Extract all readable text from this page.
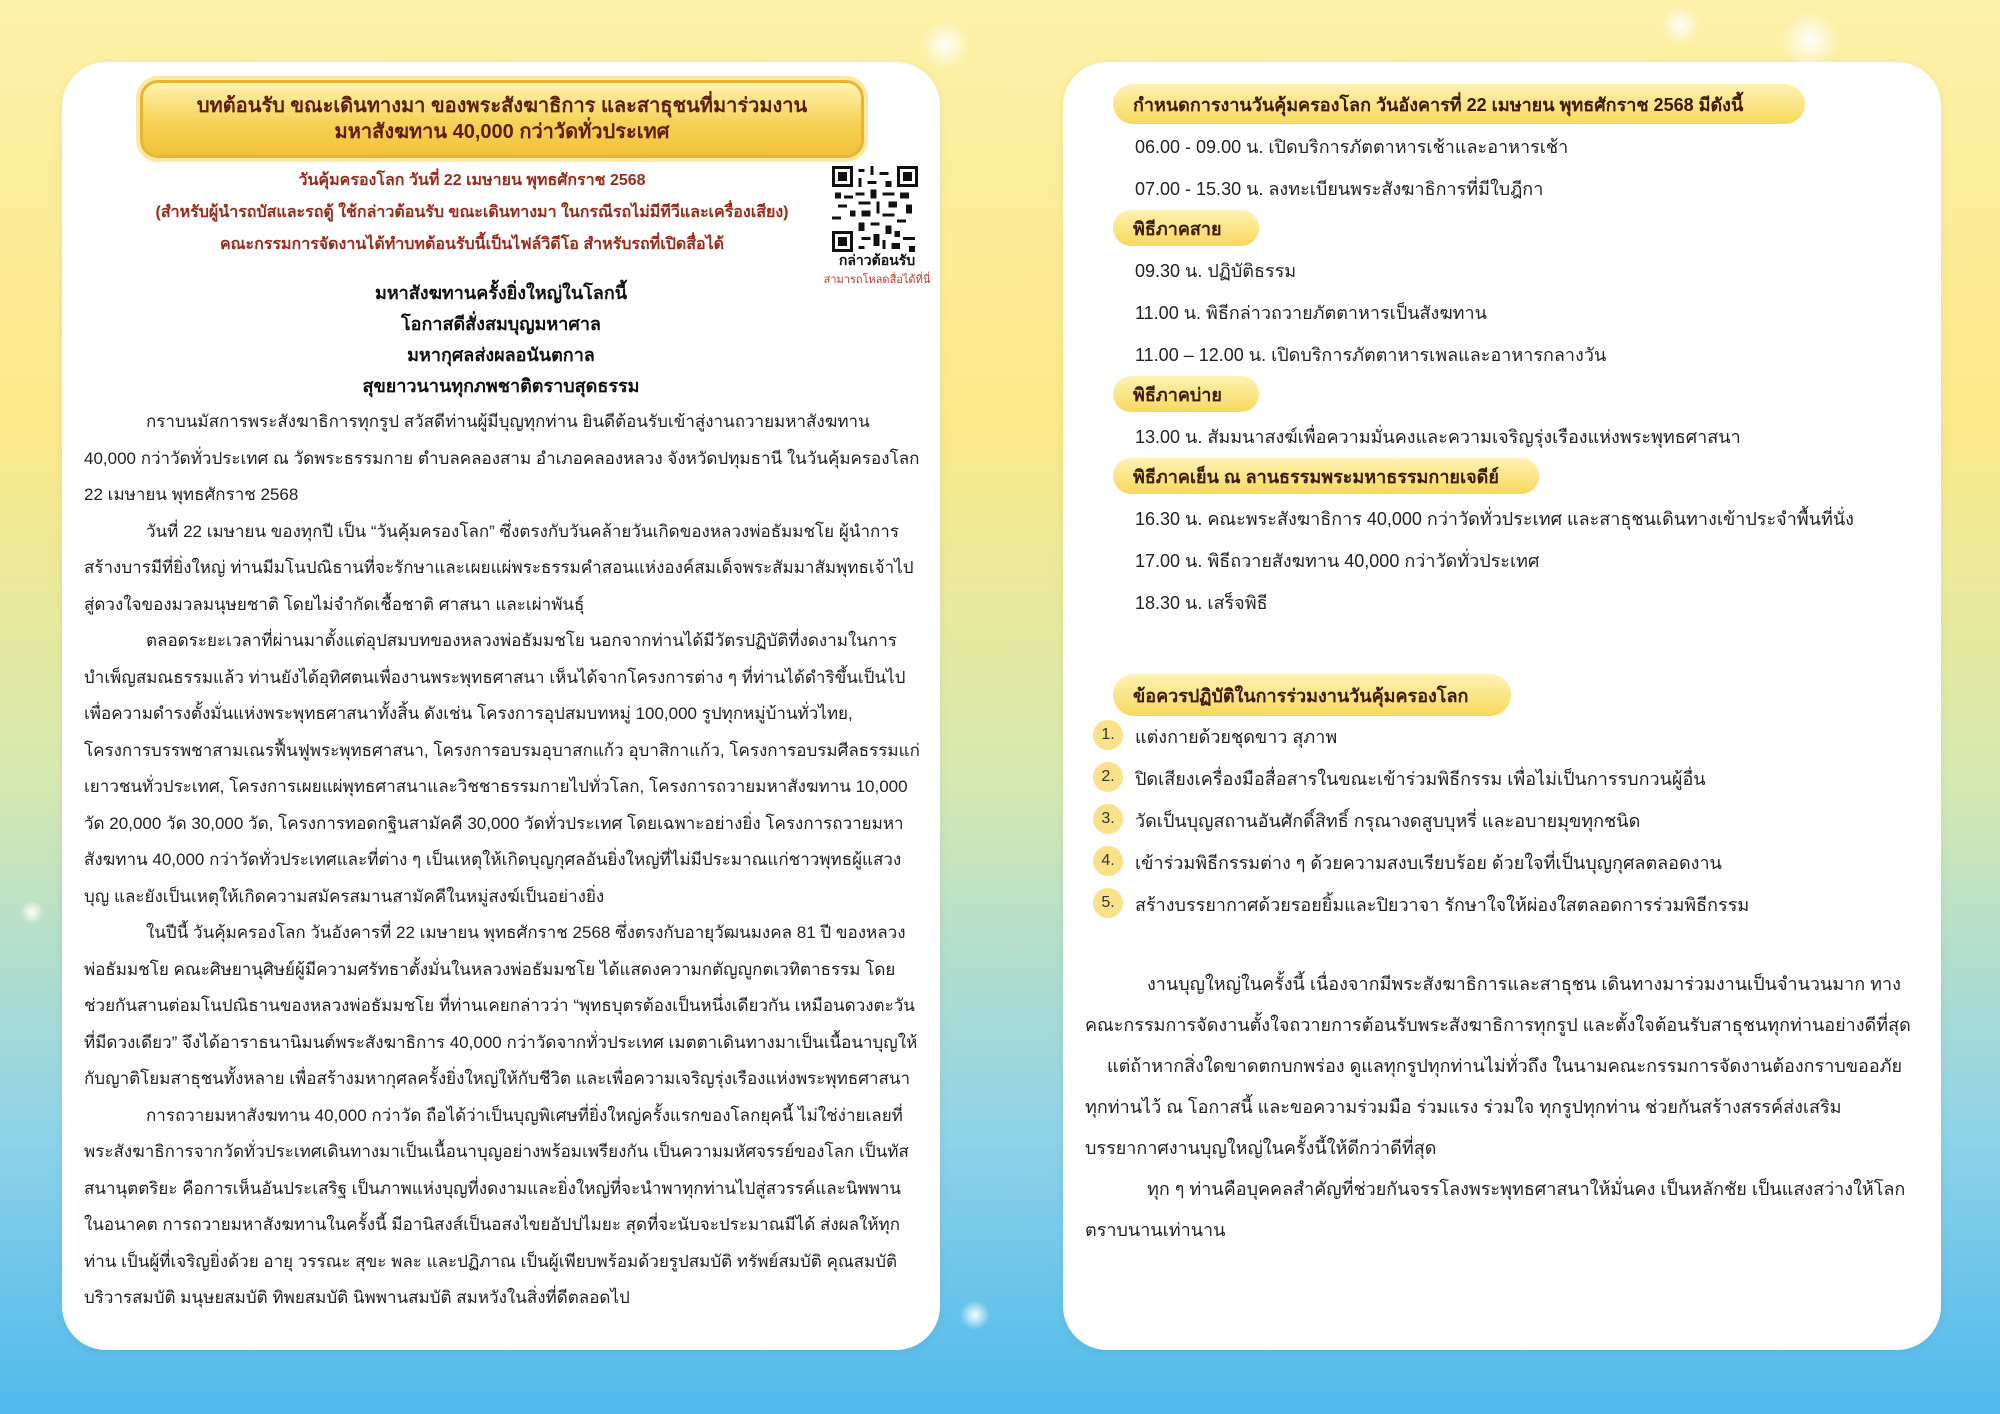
บทต้อนรับ ขณะเดินทางมา ของพระสังฆาธิการ และสาธุชนที่มาร่วมงาน
มหาสังฆทาน 40,000 กว่าวัดทั่วประเทศ
วันคุ้มครองโลก วันที่ 22 เมษายน พุทธศักราช 2568
(สำหรับผู้นำรถบัสและรถตู้ ใช้กล่าวต้อนรับ ขณะเดินทางมา ในกรณีรถไม่มีทีวีและเครื่องเสียง)
คณะกรรมการจัดงานได้ทำบทต้อนรับนี้เป็นไฟล์วิดีโอ สำหรับรถที่เปิดสื่อได้
กล่าวต้อนรับ
สามารถโหลดสื่อได้ที่นี่
มหาสังฆทานครั้งยิ่งใหญ่ในโลกนี้
โอกาสดีสั่งสมบุญมหาศาล
มหากุศลส่งผลอนันตกาล
สุขยาวนานทุกภพชาติตราบสุดธรรม

กราบนมัสการพระสังฆาธิการทุกรูป สวัสดีท่านผู้มีบุญทุกท่าน ยินดีต้อนรับเข้าสู่งานถวายมหาสังฆทาน 40,000 กว่าวัดทั่วประเทศ ณ วัดพระธรรมกาย ตำบลคลองสาม อำเภอคลองหลวง จังหวัดปทุมธานี ในวันคุ้มครองโลก 22 เมษายน พุทธศักราช 2568

วันที่ 22 เมษายน ของทุกปี เป็น “วันคุ้มครองโลก” ซึ่งตรงกับวันคล้ายวันเกิดของหลวงพ่อธัมมชโย ผู้นำการสร้างบารมีที่ยิ่งใหญ่ ท่านมีมโนปณิธานที่จะรักษาและเผยแผ่พระธรรมคำสอนแห่งองค์สมเด็จพระสัมมาสัมพุทธเจ้าไปสู่ดวงใจของมวลมนุษยชาติ โดยไม่จำกัดเชื้อชาติ ศาสนา และเผ่าพันธุ์

ตลอดระยะเวลาที่ผ่านมาตั้งแต่อุปสมบทของหลวงพ่อธัมมชโย นอกจากท่านได้มีวัตรปฏิบัติที่งดงามในการบำเพ็ญสมณธรรมแล้ว ท่านยังได้อุทิศตนเพื่องานพระพุทธศาสนา เห็นได้จากโครงการต่าง ๆ ที่ท่านได้ดำริขึ้นเป็นไปเพื่อความดำรงตั้งมั่นแห่งพระพุทธศาสนาทั้งสิ้น ดังเช่น โครงการอุปสมบทหมู่ 100,000 รูปทุกหมู่บ้านทั่วไทย, โครงการบรรพชาสามเณรฟื้นฟูพระพุทธศาสนา, โครงการอบรมอุบาสกแก้ว อุบาสิกาแก้ว, โครงการอบรมศีลธรรมแก่เยาวชนทั่วประเทศ, โครงการเผยแผ่พุทธศาสนาและวิชชาธรรมกายไปทั่วโลก, โครงการถวายมหาสังฆทาน 10,000 วัด 20,000 วัด 30,000 วัด, โครงการทอดกฐินสามัคคี 30,000 วัดทั่วประเทศ โดยเฉพาะอย่างยิ่ง โครงการถวายมหาสังฆทาน 40,000 กว่าวัดทั่วประเทศและที่ต่าง ๆ เป็นเหตุให้เกิดบุญกุศลอันยิ่งใหญ่ที่ไม่มีประมาณแก่ชาวพุทธผู้แสวงบุญ และยังเป็นเหตุให้เกิดความสมัครสมานสามัคคีในหมู่สงฆ์เป็นอย่างยิ่ง

ในปีนี้ วันคุ้มครองโลก วันอังคารที่ 22 เมษายน พุทธศักราช 2568 ซึ่งตรงกับอายุวัฒนมงคล 81 ปี ของหลวงพ่อธัมมชโย คณะศิษยานุศิษย์ผู้มีความศรัทธาตั้งมั่นในหลวงพ่อธัมมชโย ได้แสดงความกตัญญูกตเวทิตาธรรม โดยช่วยกันสานต่อมโนปณิธานของหลวงพ่อธัมมชโย ที่ท่านเคยกล่าวว่า “พุทธบุตรต้องเป็นหนึ่งเดียวกัน เหมือนดวงตะวันที่มีดวงเดียว” จึงได้อาราธนานิมนต์พระสังฆาธิการ 40,000 กว่าวัดจากทั่วประเทศ เมตตาเดินทางมาเป็นเนื้อนาบุญให้กับญาติโยมสาธุชนทั้งหลาย เพื่อสร้างมหากุศลครั้งยิ่งใหญ่ให้กับชีวิต และเพื่อความเจริญรุ่งเรืองแห่งพระพุทธศาสนา

การถวายมหาสังฆทาน 40,000 กว่าวัด ถือได้ว่าเป็นบุญพิเศษที่ยิ่งใหญ่ครั้งแรกของโลกยุคนี้ ไม่ใช่ง่ายเลยที่พระสังฆาธิการจากวัดทั่วประเทศเดินทางมาเป็นเนื้อนาบุญอย่างพร้อมเพรียงกัน เป็นความมหัศจรรย์ของโลก เป็นทัสสนานุตตริยะ คือการเห็นอันประเสริฐ เป็นภาพแห่งบุญที่งดงามและยิ่งใหญ่ที่จะนำพาทุกท่านไปสู่สวรรค์และนิพพานในอนาคต การถวายมหาสังฆทานในครั้งนี้ มีอานิสงส์เป็นอสงไขยอัปปไมยะ สุดที่จะนับจะประมาณมีได้ ส่งผลให้ทุกท่าน เป็นผู้ที่เจริญยิ่งด้วย อายุ วรรณะ สุขะ พละ และปฏิภาณ เป็นผู้เพียบพร้อมด้วยรูปสมบัติ ทรัพย์สมบัติ คุณสมบัติ บริวารสมบัติ มนุษยสมบัติ ทิพยสมบัติ นิพพานสมบัติ สมหวังในสิ่งที่ดีตลอดไป

กำหนดการงานวันคุ้มครองโลก วันอังคารที่ 22 เมษายน พุทธศักราช 2568 มีดังนี้
06.00 - 09.00 น. เปิดบริการภัตตาหารเช้าและอาหารเช้า
07.00 - 15.30 น. ลงทะเบียนพระสังฆาธิการที่มีใบฎีกา
พิธีภาคสาย
09.30 น. ปฏิบัติธรรม
11.00 น. พิธีกล่าวถวายภัตตาหารเป็นสังฆทาน
11.00 – 12.00 น. เปิดบริการภัตตาหารเพลและอาหารกลางวัน
พิธีภาคบ่าย
13.00 น. สัมมนาสงฆ์เพื่อความมั่นคงและความเจริญรุ่งเรืองแห่งพระพุทธศาสนา
พิธีภาคเย็น ณ ลานธรรมพระมหาธรรมกายเจดีย์
16.30 น. คณะพระสังฆาธิการ 40,000 กว่าวัดทั่วประเทศ และสาธุชนเดินทางเข้าประจำพื้นที่นั่ง
17.00 น. พิธีถวายสังฆทาน 40,000 กว่าวัดทั่วประเทศ
18.30 น. เสร็จพิธี
ข้อควรปฏิบัติในการร่วมงานวันคุ้มครองโลก
1.	แต่งกายด้วยชุดขาว สุภาพ
2.	ปิดเสียงเครื่องมือสื่อสารในขณะเข้าร่วมพิธีกรรม เพื่อไม่เป็นการรบกวนผู้อื่น
3.	วัดเป็นบุญสถานอันศักดิ์สิทธิ์ กรุณางดสูบบุหรี่ และอบายมุขทุกชนิด
4.	เข้าร่วมพิธีกรรมต่าง ๆ ด้วยความสงบเรียบร้อย ด้วยใจที่เป็นบุญกุศลตลอดงาน
5.	สร้างบรรยากาศด้วยรอยยิ้มและปิยวาจา รักษาใจให้ผ่องใสตลอดการร่วมพิธีกรรม

งานบุญใหญ่ในครั้งนี้ เนื่องจากมีพระสังฆาธิการและสาธุชน เดินทางมาร่วมงานเป็นจำนวนมาก ทางคณะกรรมการจัดงานตั้งใจถวายการต้อนรับพระสังฆาธิการทุกรูป และตั้งใจต้อนรับสาธุชนทุกท่านอย่างดีที่สุด

แต่ถ้าหากสิ่งใดขาดตกบกพร่อง ดูแลทุกรูปทุกท่านไม่ทั่วถึง ในนามคณะกรรมการจัดงานต้องกราบขออภัยทุกท่านไว้ ณ โอกาสนี้ และขอความร่วมมือ ร่วมแรง ร่วมใจ ทุกรูปทุกท่าน ช่วยกันสร้างสรรค์ส่งเสริมบรรยากาศงานบุญใหญ่ในครั้งนี้ให้ดีกว่าดีที่สุด

ทุก ๆ ท่านคือบุคคลสำคัญที่ช่วยกันจรรโลงพระพุทธศาสนาให้มั่นคง เป็นหลักชัย เป็นแสงสว่างให้โลกตราบนานเท่านาน
